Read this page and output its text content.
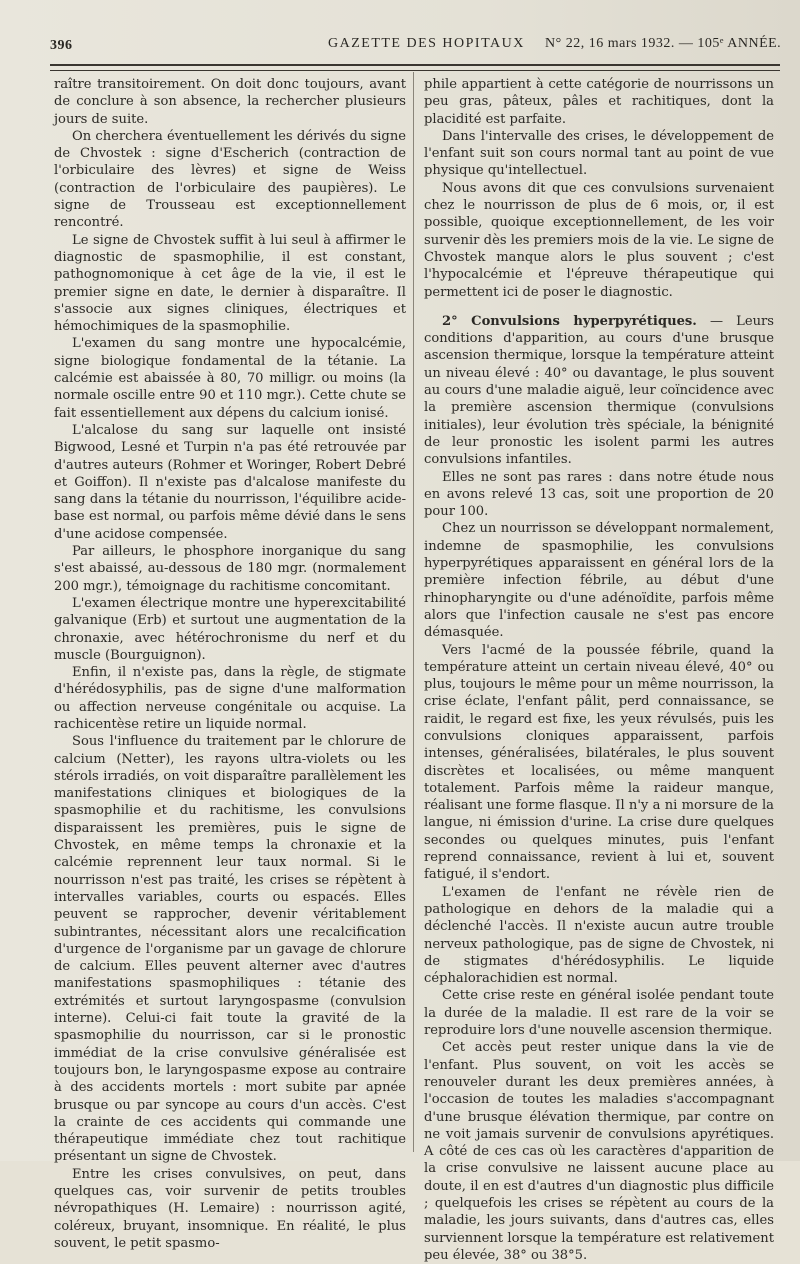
396	GAZETTE DES HOPITAUX N° 22, 16 mars 1932. — 105ᵉ ANNÉE.

raître transitoirement. On doit donc toujours, avant de conclure à son absence, la rechercher plusieurs jours de suite.

On cherchera éventuellement les dérivés du signe de Chvostek : signe d'Escherich (contraction de l'orbiculaire des lèvres) et signe de Weiss (contraction de l'orbiculaire des paupières). Le signe de Trousseau est exceptionnellement rencontré.

Le signe de Chvostek suffit à lui seul à affirmer le diagnostic de spasmophilie, il est constant, pathognomonique à cet âge de la vie, il est le premier signe en date, le dernier à disparaître. Il s'associe aux signes cliniques, électriques et hémochimiques de la spasmophilie.

L'examen du sang montre une hypocalcémie, signe biologique fondamental de la tétanie. La calcémie est abaissée à 80, 70 milligr. ou moins (la normale oscille entre 90 et 110 mgr.). Cette chute se fait essentiellement aux dépens du calcium ionisé.

L'alcalose du sang sur laquelle ont insisté Bigwood, Lesné et Turpin n'a pas été retrouvée par d'autres auteurs (Rohmer et Woringer, Robert Debré et Goiffon). Il n'existe pas d'alcalose manifeste du sang dans la tétanie du nourrisson, l'équilibre acide-base est normal, ou parfois même dévié dans le sens d'une acidose compensée.

Par ailleurs, le phosphore inorganique du sang s'est abaissé, au-dessous de 180 mgr. (normalement 200 mgr.), témoignage du rachitisme concomitant.

L'examen électrique montre une hyperexcitabilité galvanique (Erb) et surtout une augmentation de la chronaxie, avec hétérochronisme du nerf et du muscle (Bourguignon).

Enfin, il n'existe pas, dans la règle, de stigmate d'hérédosyphilis, pas de signe d'une malformation ou affection nerveuse congénitale ou acquise. La rachicentèse retire un liquide normal.

Sous l'influence du traitement par le chlorure de calcium (Netter), les rayons ultra-violets ou les stérols irradiés, on voit disparaître parallèlement les manifestations cliniques et biologiques de la spasmophilie et du rachitisme, les convulsions disparaissent les premières, puis le signe de Chvostek, en même temps la chronaxie et la calcémie reprennent leur taux normal. Si le nourrisson n'est pas traité, les crises se répètent à intervalles variables, courts ou espacés. Elles peuvent se rapprocher, devenir véritablement subintrantes, nécessitant alors une recalcification d'urgence de l'organisme par un gavage de chlorure de calcium. Elles peuvent alterner avec d'autres manifestations spasmophiliques : tétanie des extrémités et surtout laryngospasme (convulsion interne). Celui-ci fait toute la gravité de la spasmophilie du nourrisson, car si le pronostic immédiat de la crise convulsive généralisée est toujours bon, le laryngospasme expose au contraire à des accidents mortels : mort subite par apnée brusque ou par syncope au cours d'un accès. C'est la crainte de ces accidents qui commande une thérapeutique immédiate chez tout rachitique présentant un signe de Chvostek.

Entre les crises convulsives, on peut, dans quelques cas, voir survenir de petits troubles névropathiques (H. Lemaire) : nourrisson agité, coléreux, bruyant, insomnique. En réalité, le plus souvent, le petit spasmo-

phile appartient à cette catégorie de nourrissons un peu gras, pâteux, pâles et rachitiques, dont la placidité est parfaite.

Dans l'intervalle des crises, le développement de l'enfant suit son cours normal tant au point de vue physique qu'intellectuel.

Nous avons dit que ces convulsions survenaient chez le nourrisson de plus de 6 mois, or, il est possible, quoique exceptionnellement, de les voir survenir dès les premiers mois de la vie. Le signe de Chvostek manque alors le plus souvent ; c'est l'hypocalcémie et l'épreuve thérapeutique qui permettent ici de poser le diagnostic.

2° Convulsions hyperpyrétiques. — Leurs conditions d'apparition, au cours d'une brusque ascension thermique, lorsque la température atteint un niveau élevé : 40° ou davantage, le plus souvent au cours d'une maladie aiguë, leur coïncidence avec la première ascension thermique (convulsions initiales), leur évolution très spéciale, la bénignité de leur pronostic les isolent parmi les autres convulsions infantiles.

Elles ne sont pas rares : dans notre étude nous en avons relevé 13 cas, soit une proportion de 20 pour 100.

Chez un nourrisson se développant normalement, indemne de spasmophilie, les convulsions hyperpyrétiques apparaissent en général lors de la première infection fébrile, au début d'une rhinopharyngite ou d'une adénoïdite, parfois même alors que l'infection causale ne s'est pas encore démasquée.

Vers l'acmé de la poussée fébrile, quand la température atteint un certain niveau élevé, 40° ou plus, toujours le même pour un même nourrisson, la crise éclate, l'enfant pâlit, perd connaissance, se raidit, le regard est fixe, les yeux révulsés, puis les convulsions cloniques apparaissent, parfois intenses, généralisées, bilatérales, le plus souvent discrètes et localisées, ou même manquent totalement. Parfois même la raideur manque, réalisant une forme flasque. Il n'y a ni morsure de la langue, ni émission d'urine. La crise dure quelques secondes ou quelques minutes, puis l'enfant reprend connaissance, revient à lui et, souvent fatigué, il s'endort.

L'examen de l'enfant ne révèle rien de pathologique en dehors de la maladie qui a déclenché l'accès. Il n'existe aucun autre trouble nerveux pathologique, pas de signe de Chvostek, ni de stigmates d'hérédosyphilis. Le liquide céphalorachidien est normal.

Cette crise reste en général isolée pendant toute la durée de la maladie. Il est rare de la voir se reproduire lors d'une nouvelle ascension thermique.

Cet accès peut rester unique dans la vie de l'enfant. Plus souvent, on voit les accès se renouveler durant les deux premières années, à l'occasion de toutes les maladies s'accompagnant d'une brusque élévation thermique, par contre on ne voit jamais survenir de convulsions apyrétiques. A côté de ces cas où les caractères d'apparition de la crise convulsive ne laissent aucune place au doute, il en est d'autres d'un diagnostic plus difficile ; quelquefois les crises se répètent au cours de la maladie, les jours suivants, dans d'autres cas, elles surviennent lorsque la température est relativement peu élevée, 38° ou 38°5.
